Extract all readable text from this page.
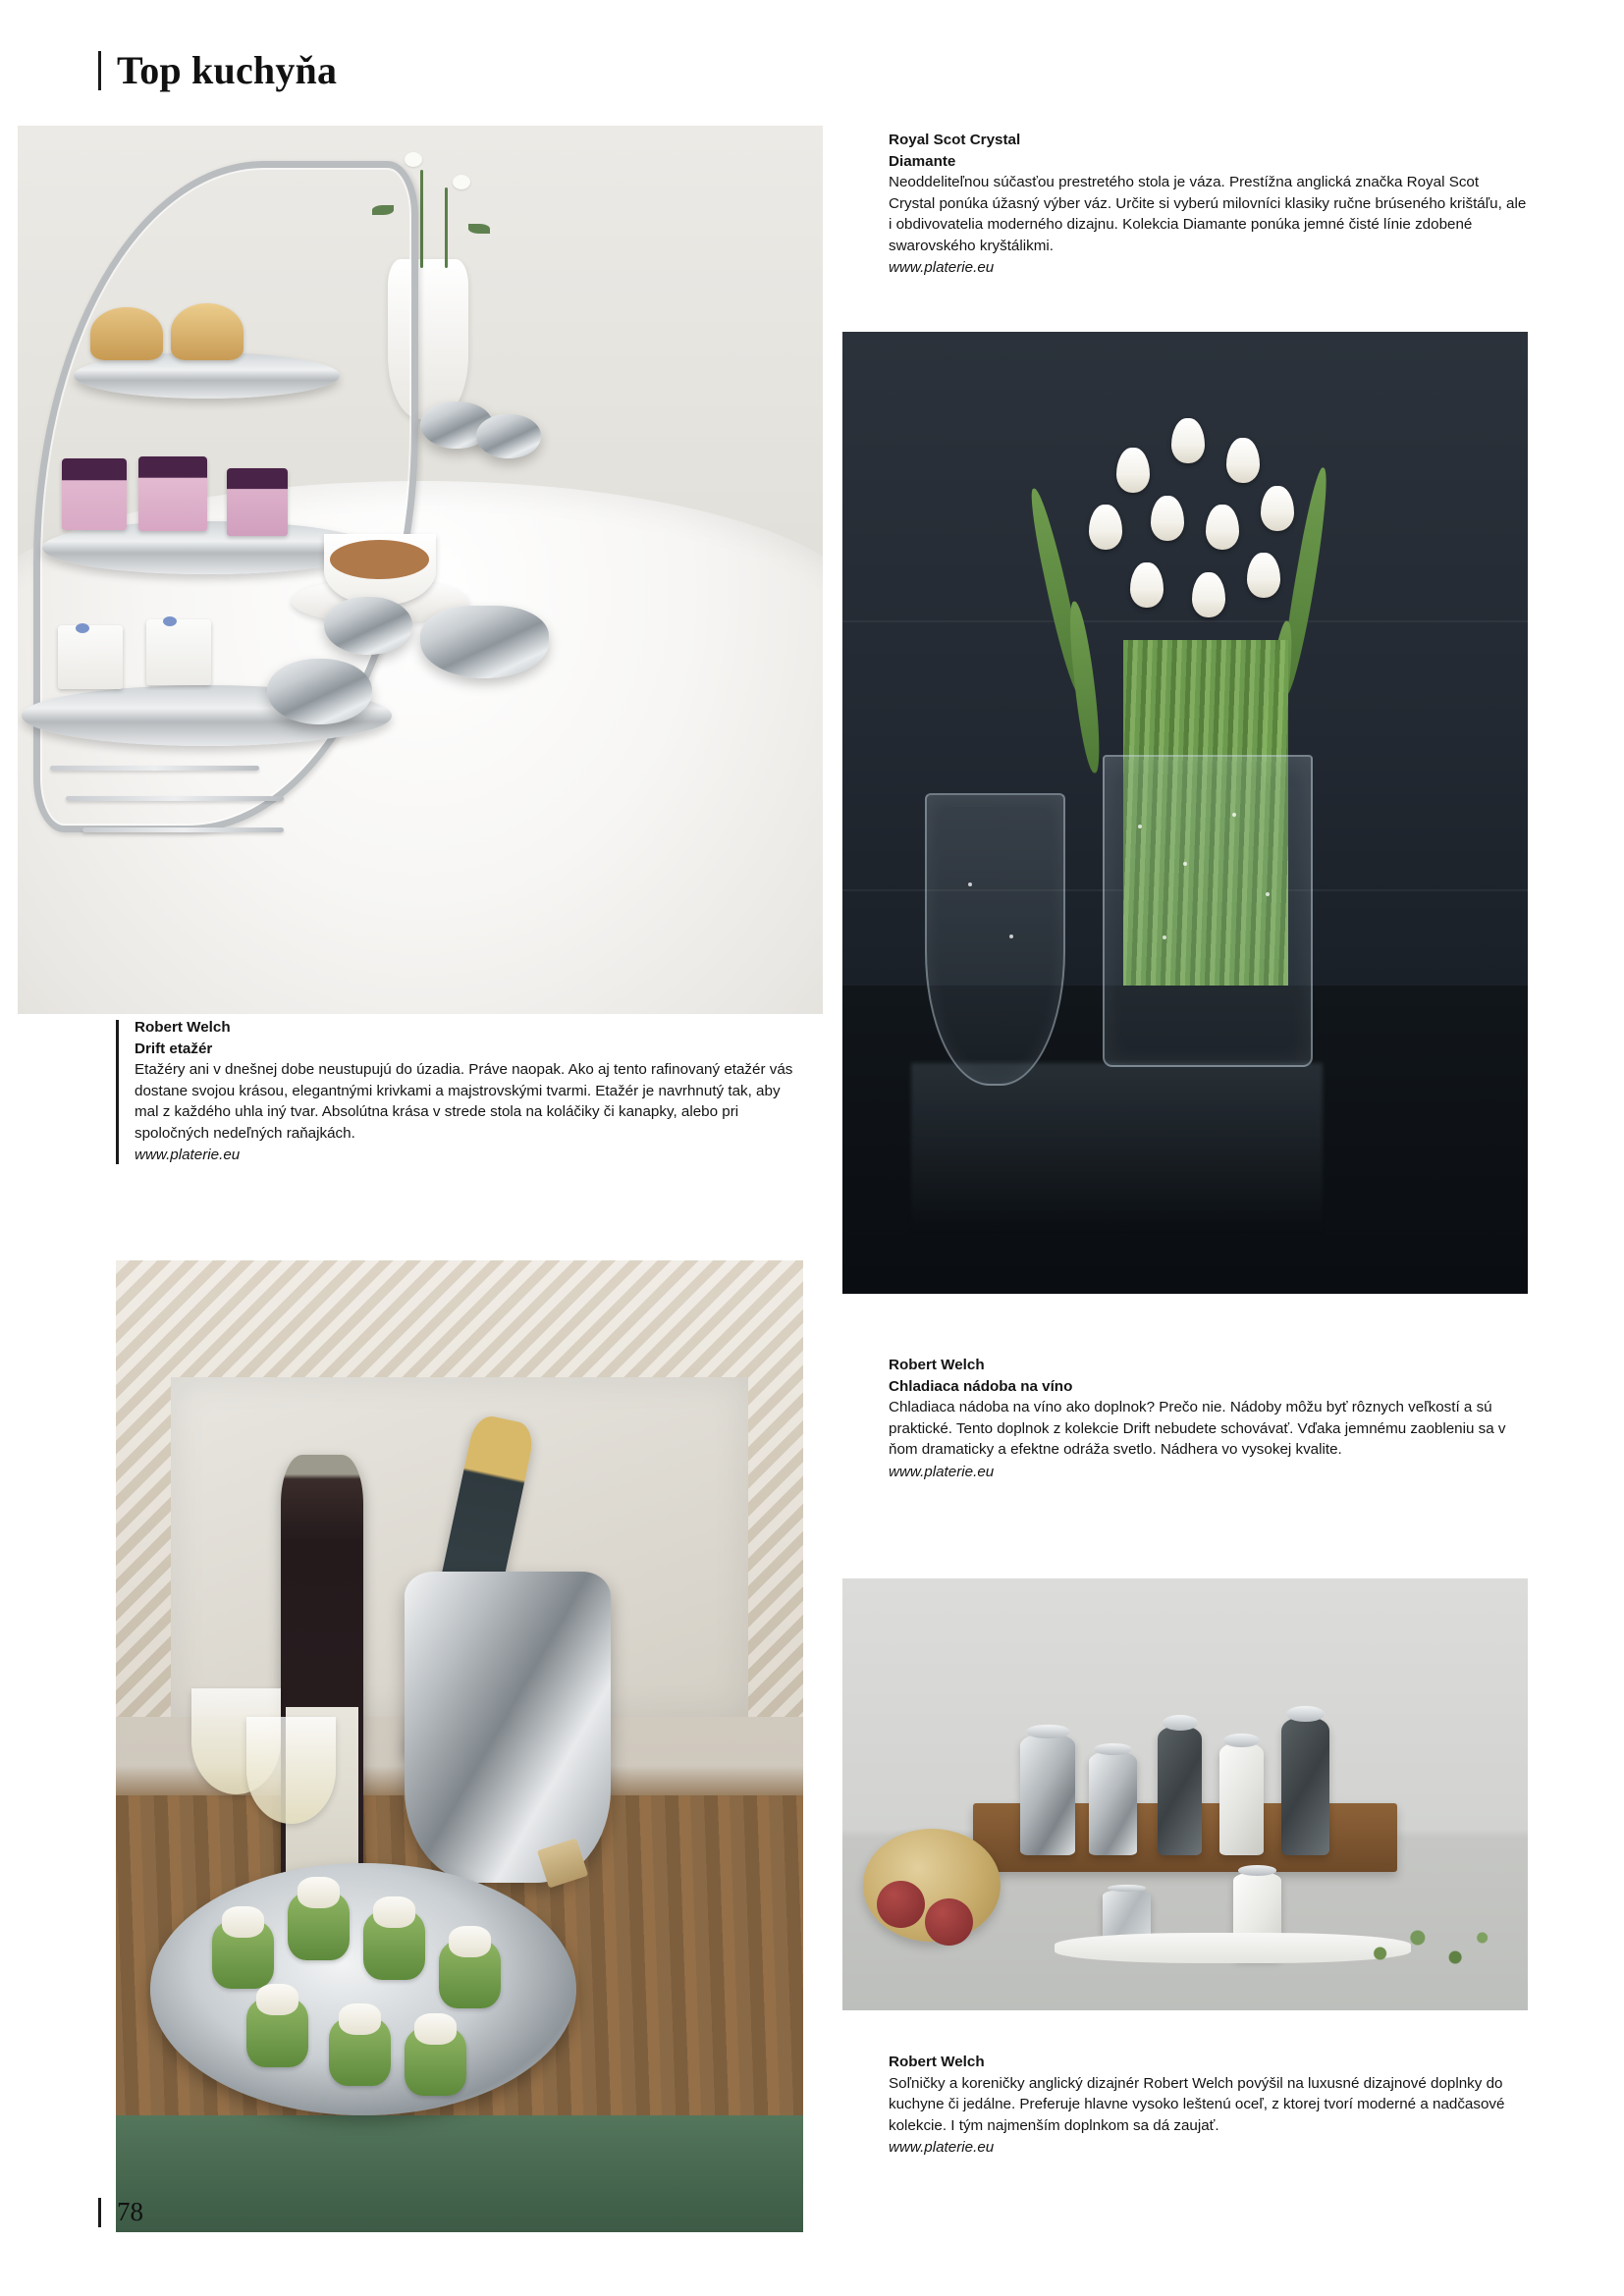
Top kuchyňa
Royal Scot Crystal
Diamante
Neoddeliteľnou súčasťou prestretého stola je váza. Prestížna anglická značka Royal Scot Crystal ponúka úžasný výber váz. Určite si vyberú milovníci klasiky ručne brúseného krištáľu, ale i obdivovatelia moderného dizajnu. Kolekcia Diamante ponúka jemné čisté línie zdobené swarovského kryštálikmi.
www.platerie.eu
Robert Welch
Drift etažér
Etažéry ani v dnešnej dobe neustupujú do úzadia. Práve naopak. Ako aj tento rafinovaný etažér vás dostane svojou krásou, elegantnými krivkami a majstrovskými tvarmi. Etažér je navrhnutý tak, aby mal z každého uhla iný tvar. Absolútna krása v strede stola na koláčiky či kanapky, alebo pri spoločných nedeľných raňajkách.
www.platerie.eu
Robert Welch
Chladiaca nádoba na víno
Chladiaca nádoba na víno ako doplnok? Prečo nie. Nádoby môžu byť rôznych veľkostí a sú praktické. Tento doplnok z kolekcie Drift nebudete schovávať. Vďaka jemnému zaobleniu sa v ňom dramaticky a efektne odráža svetlo. Nádhera vo vysokej kvalite.
www.platerie.eu
Robert Welch
Soľničky a koreničky anglický dizajnér Robert Welch povýšil na luxusné dizajnové doplnky do kuchyne či jedálne. Preferuje hlavne vysoko leštenú oceľ, z ktorej tvorí moderné a nadčasové kolekcie. I tým najmenším doplnkom sa dá zaujať.
www.platerie.eu
78
